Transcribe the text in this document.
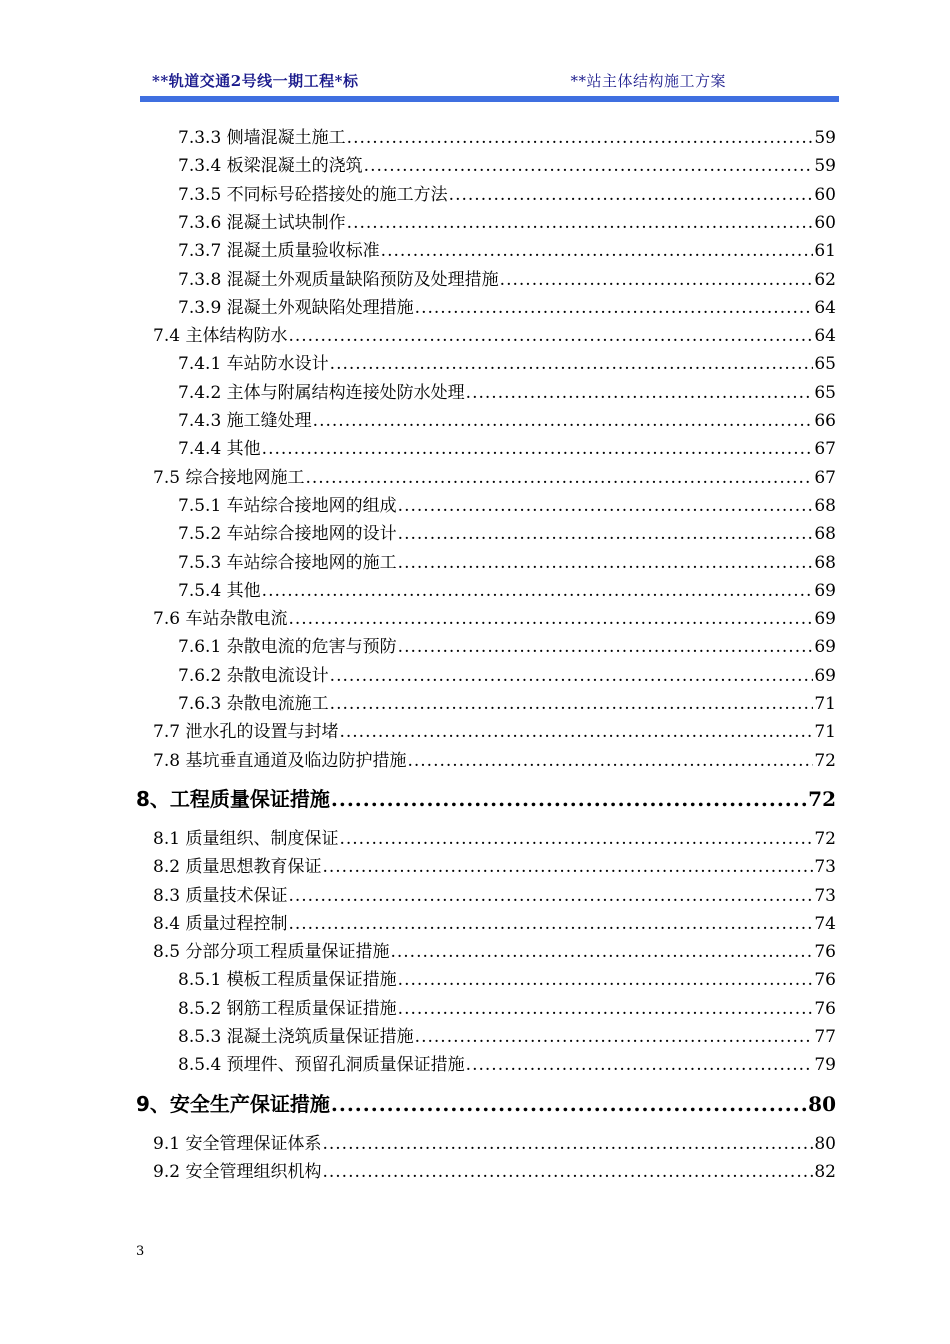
**轨道交通2号线一期工程*标	**站主体结构施工方案
7.3.3 侧墙混凝土施工 .....	59
7.3.4 板梁混凝土的浇筑 .....	59
7.3.5 不同标号砼搭接处的施工方法 .....	60
7.3.6 混凝土试块制作 .....	60
7.3.7 混凝土质量验收标准 .....	61
7.3.8 混凝土外观质量缺陷预防及处理措施 .....	62
7.3.9 混凝土外观缺陷处理措施 .....	64
7.4 主体结构防水 .....	64
7.4.1 车站防水设计 .....	65
7.4.2 主体与附属结构连接处防水处理 .....	65
7.4.3 施工缝处理 .....	66
7.4.4 其他 .....	67
7.5 综合接地网施工 .....	67
7.5.1 车站综合接地网的组成 .....	68
7.5.2 车站综合接地网的设计 .....	68
7.5.3 车站综合接地网的施工 .....	68
7.5.4 其他 .....	69
7.6 车站杂散电流 .....	69
7.6.1 杂散电流的危害与预防 .....	69
7.6.2 杂散电流设计 .....	69
7.6.3 杂散电流施工 .....	71
7.7 泄水孔的设置与封堵 .....	71
7.8 基坑垂直通道及临边防护措施 .....	72
8、工程质量保证措施 .....	72
8.1 质量组织、制度保证 .....	72
8.2 质量思想教育保证 .....	73
8.3 质量技术保证 .....	73
8.4 质量过程控制 .....	74
8.5 分部分项工程质量保证措施 .....	76
8.5.1 模板工程质量保证措施 .....	76
8.5.2 钢筋工程质量保证措施 .....	76
8.5.3 混凝土浇筑质量保证措施 .....	77
8.5.4 预埋件、预留孔洞质量保证措施 .....	79
9、安全生产保证措施 .....	80
9.1 安全管理保证体系 .....	80
9.2 安全管理组织机构 .....	82
3
